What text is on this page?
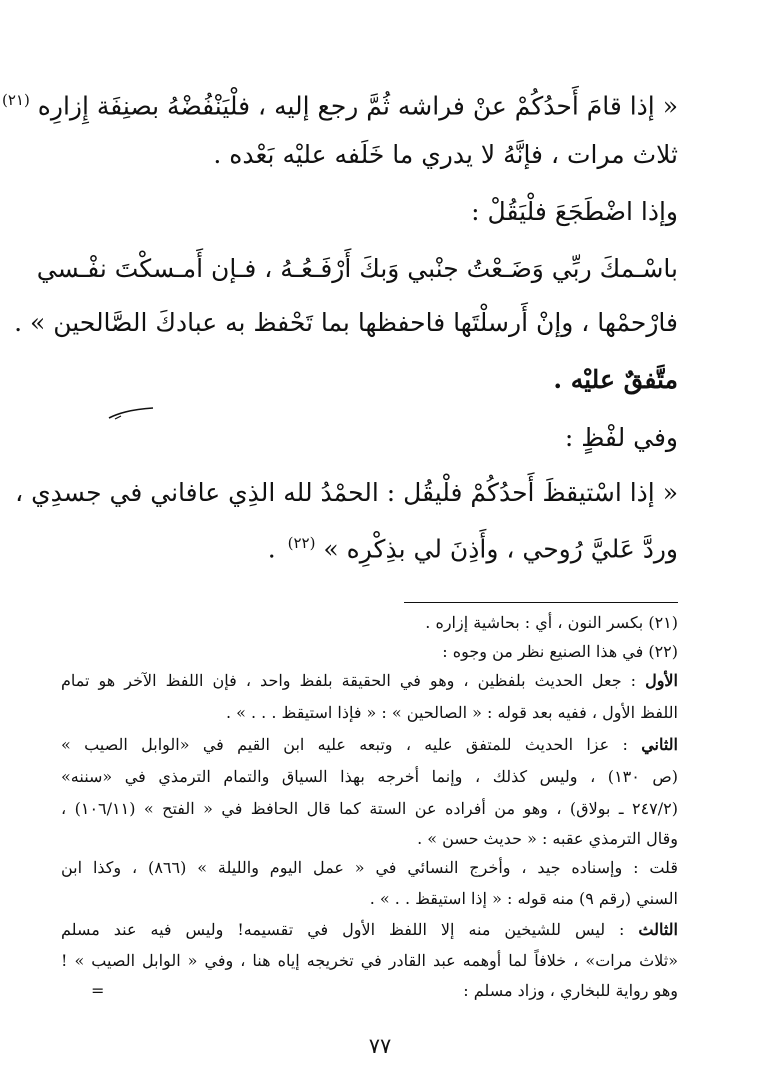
« إذا قامَ أَحدُكُمْ عنْ فراشه ثُمَّ رجع إليه ، فلْيَنْفُضْهُ بصنِفَة إِزارِه $^{(٢١)}$
ثلاث مرات ، فإنَّهُ لا يدري ما خَلَفه عليْه بَعْده .
وإذا اضْطَجَعَ فلْيَقُلْ :
باسْـمكَ ربِّي وَضَـعْتُ جنْبي وَبكَ أَرْفَـعُـهُ ، فـإن أَمـسكْتَ نفْـسي
فارْحمْها ، وإنْ أَرسلْتَها فاحفظها بما تَحْفظ به عبادكَ الصَّالحين » .
متَّفقٌ عليْه .
وفي لفْظٍ :
« إذا اسْتيقظَ أَحدُكُمْ فلْيقُل : الحمْدُ لله الذِي عافاني في جسدِي ،
وردَّ عَليَّ رُوحي ، وأَذِنَ لي بذِكْرِه » $^{(٢٢)}$ .
(٢١) بكسر النون ، أي : بحاشية إزاره .
(٢٢) في هذا الصنيع نظر من وجوه :
الأول : جعل الحديث بلفظين ، وهو في الحقيقة بلفظ واحد ، فإن اللفظ الآخر هو تمام
اللفظ الأول ، ففيه بعد قوله : « الصالحين » : « فإذا استيقظ . . . » .
الثاني : عزا الحديث للمتفق عليه ، وتبعه عليه ابن القيم في «الوابل الصيب »
(ص ١٣٠) ، وليس كذلك ، وإنما أخرجه بهذا السياق والتمام الترمذي في «سننه»
(٢٤٧/٢ ـ بولاق) ، وهو من أفراده عن الستة كما قال الحافظ في « الفتح » (١٠٦/١١) ،
وقال الترمذي عقبه : « حديث حسن » .
قلت : وإسناده جيد ، وأخرج النسائي في « عمل اليوم والليلة » (٨٦٦) ، وكذا ابن
السني (رقم ٩) منه قوله : « إذا استيقظ . . » .
الثالث : ليس للشيخين منه إلا اللفظ الأول في تقسيمه! وليس فيه عند مسلم
«ثلاث مرات» ، خلافاً لما أوهمه عبد القادر في تخريجه إياه هنا ، وفي « الوابل الصيب » !
وهو رواية للبخاري ، وزاد مسلم :
=
٧٧
